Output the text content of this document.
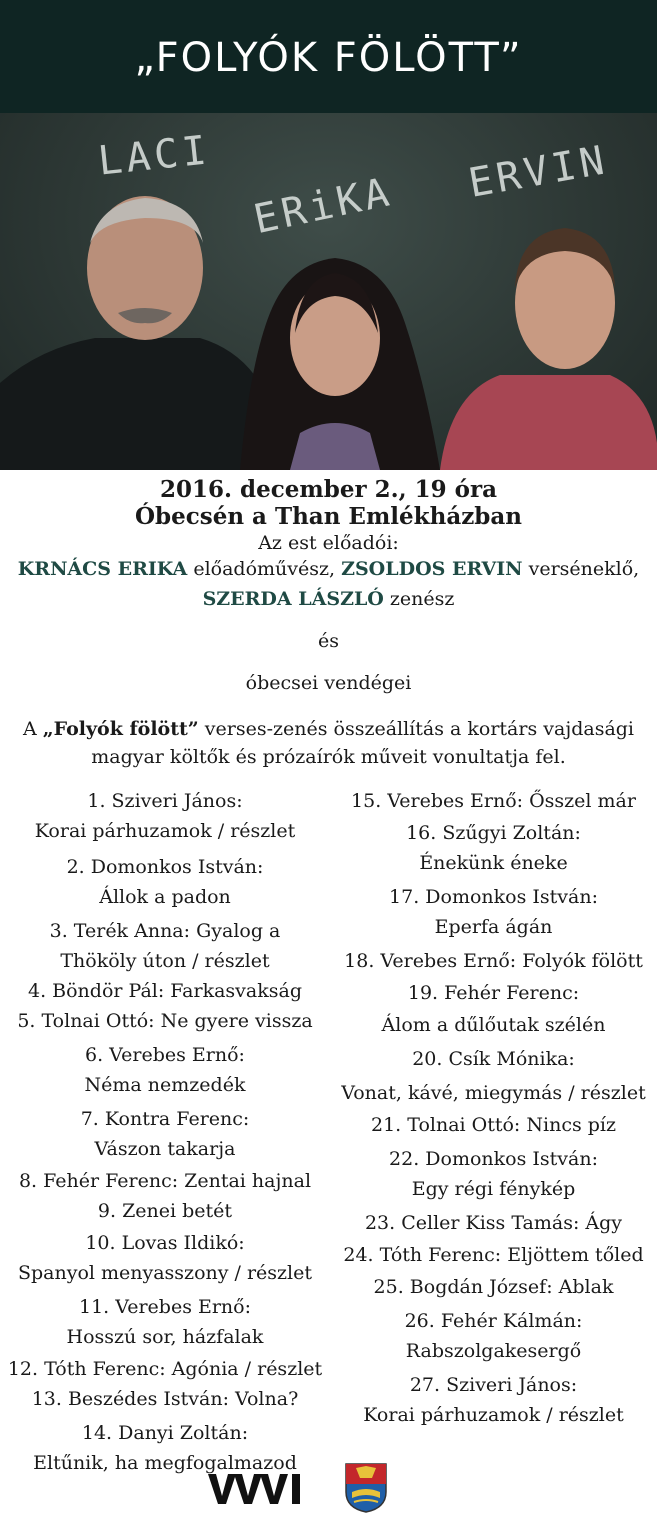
„FOLYÓK FÖLÖTT”
LACI
ERiKA ERVIN
2016. december 2., 19 óra
Óbecsén a Than Emlékházban
Az est előadói:
KRNÁCS ERIKA előadóművész, ZSOLDOS ERVIN verséneklő,
SZERDA LÁSZLÓ zenész
és
óbecsei vendégei
A „Folyók fölött” verses-zenés összeállítás a kortárs vajdasági
magyar költők és prózaírók műveit vonultatja fel.
1. Sziveri János:
Korai párhuzamok / részlet
2. Domonkos István:
Állok a padon
3. Terék Anna: Gyalog a
Thököly úton / részlet
4. Böndör Pál: Farkasvakság
5. Tolnai Ottó: Ne gyere vissza
6. Verebes Ernő:
Néma nemzedék
7. Kontra Ferenc:
Vászon takarja
8. Fehér Ferenc: Zentai hajnal
9. Zenei betét
10. Lovas Ildikó:
Spanyol menyasszony / részlet
11. Verebes Ernő:
Hosszú sor, házfalak
12. Tóth Ferenc: Agónia / részlet
13. Beszédes István: Volna?
14. Danyi Zoltán:
Eltűnik, ha megfogalmazod
15. Verebes Ernő: Ősszel már
16. Szűgyi Zoltán:
Énekünk éneke
17. Domonkos István:
Eperfa ágán
18. Verebes Ernő: Folyók fölött
19. Fehér Ferenc:
Álom a dűlőutak szélén
20. Csík Mónika:
Vonat, kávé, miegymás / részlet
21. Tolnai Ottó: Nincs píz
22. Domonkos István:
Egy régi fénykép
23. Celler Kiss Tamás: Ágy
24. Tóth Ferenc: Eljöttem tőled
25. Bogdán József: Ablak
26. Fehér Kálmán:
Rabszolgakesergő
27. Sziveri János:
Korai párhuzamok / részlet
